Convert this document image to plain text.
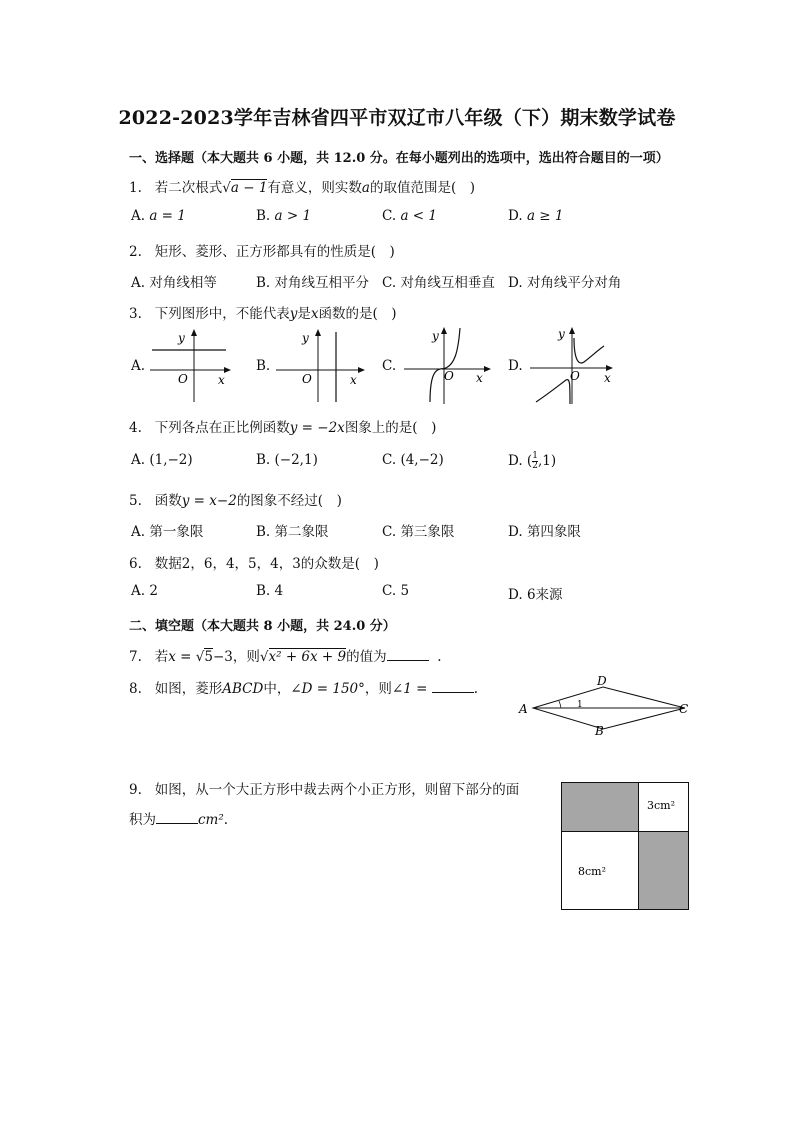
2022-2023学年吉林省四平市双辽市八年级（下）期末数学试卷
一、选择题（本大题共 6 小题，共 12.0 分。在每小题列出的选项中，选出符合题目的一项）
1. 若二次根式√a − 1有意义，则实数a的取值范围是(　)
A. a = 1	B. a > 1	C. a < 1	D. a ≥ 1
2. 矩形、菱形、正方形都具有的性质是(　)
A. 对角线相等	B. 对角线互相平分 C. 对角线互相垂直 D. 对角线平分对角
3. 下列图形中，不能代表y是x函数的是(　)
A.
y
x
O
B.
y
x
O
C.
y
x
O
D.
y
x
O
4. 下列各点在正比例函数y = −2x图象上的是(　)
A. (1,−2)	B. (−2,1)	C. (4,−2)	D. ( $\frac{1}{2} ,1$)
5. 函数y = x−2的图象不经过(　)
A. 第一象限	B. 第二象限	C. 第三象限	D. 第四象限
6. 数据2，6，4，5，4，3的众数是(　)
A. 2	B. 4	C. 5	D. 6来源
二、填空题（本大题共 8 小题，共 24.0 分）
7. 若x = √5−3，则√x² + 6x + 9的值为	.
8. 如图，菱形ABCD中，∠D = 150°，则∠1 =	.	D
A	C
B
1
9. 如图，从一个大正方形中裁去两个小正方形，则留下部分的面
积为	cm².
3cm²
8cm²
